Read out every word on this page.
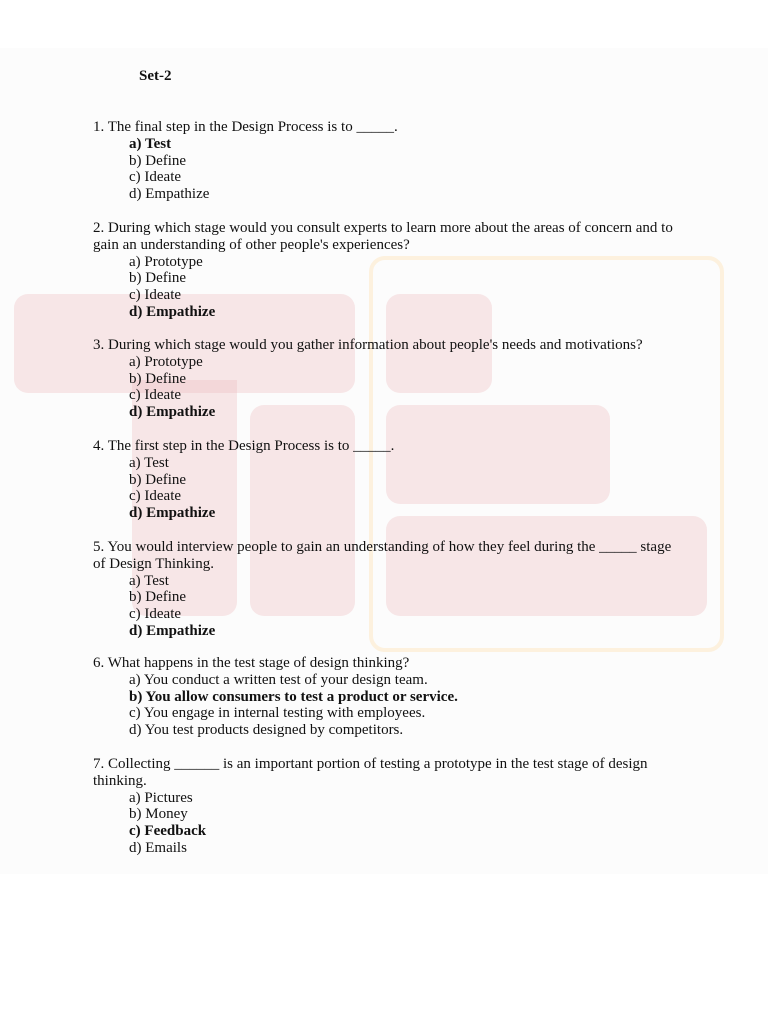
Set-2

1. The final step in the Design Process is to _____.

a) Test
b) Define
c) Ideate
d) Empathize

2. During which stage would you consult experts to learn more about the areas of concern and to gain an understanding of other people's experiences?

a) Prototype
b) Define
c) Ideate
d) Empathize

3. During which stage would you gather information about people's needs and motivations?

a) Prototype
b) Define
c) Ideate
d) Empathize

4. The first step in the Design Process is to _____.

a) Test
b) Define
c) Ideate
d) Empathize

5. You would interview people to gain an understanding of how they feel during the _____ stage of Design Thinking.

a) Test
b) Define
c) Ideate
d) Empathize

6. What happens in the test stage of design thinking?

a) You conduct a written test of your design team.
b) You allow consumers to test a product or service.
c) You engage in internal testing with employees.
d) You test products designed by competitors.

7. Collecting ______ is an important portion of testing a prototype in the test stage of design thinking.

a) Pictures
b) Money
c) Feedback
d) Emails
